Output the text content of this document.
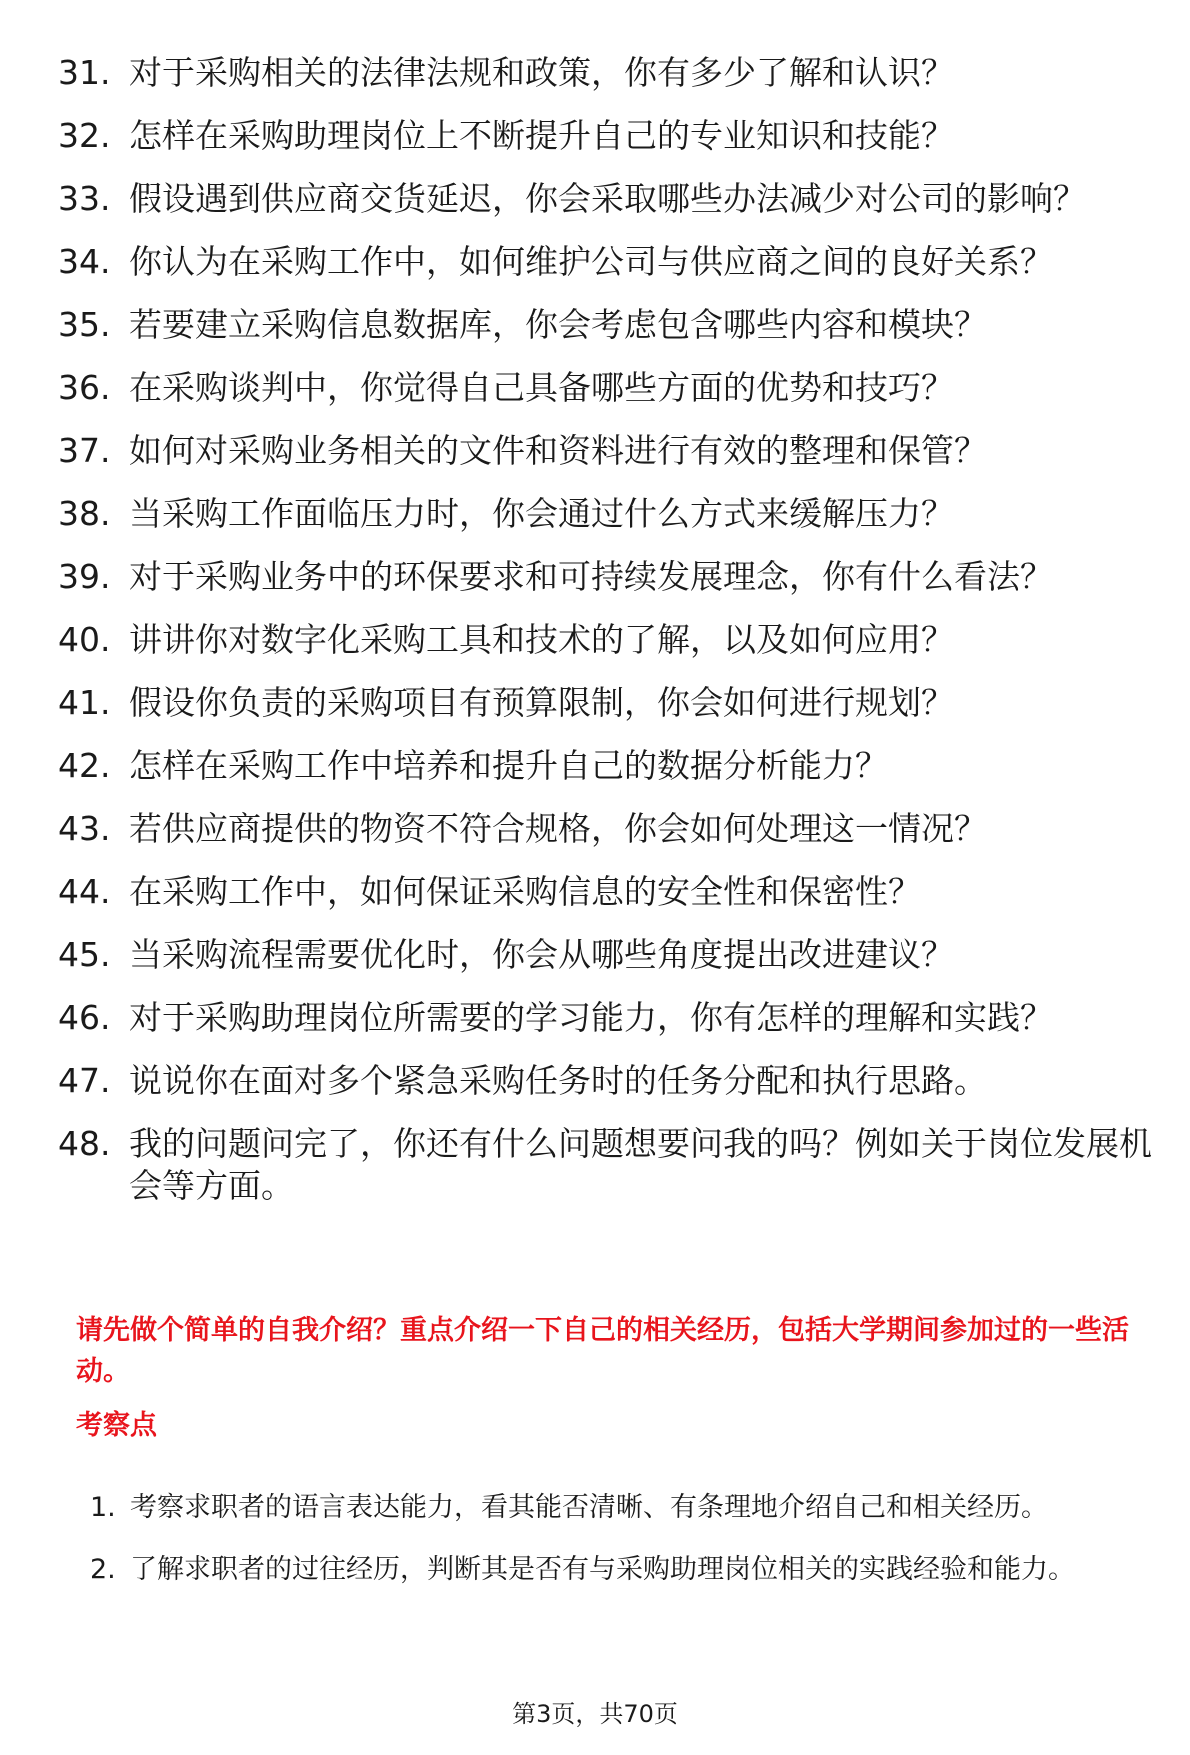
31. 对于采购相关的法律法规和政策，你有多少了解和认识？
32. 怎样在采购助理岗位上不断提升自己的专业知识和技能？
33. 假设遇到供应商交货延迟，你会采取哪些办法减少对公司的影响？
34. 你认为在采购工作中，如何维护公司与供应商之间的良好关系？
35. 若要建立采购信息数据库，你会考虑包含哪些内容和模块？
36. 在采购谈判中，你觉得自己具备哪些方面的优势和技巧？
37. 如何对采购业务相关的文件和资料进行有效的整理和保管？
38. 当采购工作面临压力时，你会通过什么方式来缓解压力？
39. 对于采购业务中的环保要求和可持续发展理念，你有什么看法？
40. 讲讲你对数字化采购工具和技术的了解，以及如何应用？
41. 假设你负责的采购项目有预算限制，你会如何进行规划？
42. 怎样在采购工作中培养和提升自己的数据分析能力？
43. 若供应商提供的物资不符合规格，你会如何处理这一情况？
44. 在采购工作中，如何保证采购信息的安全性和保密性？
45. 当采购流程需要优化时，你会从哪些角度提出改进建议？
46. 对于采购助理岗位所需要的学习能力，你有怎样的理解和实践？
47. 说说你在面对多个紧急采购任务时的任务分配和执行思路。
48. 我的问题问完了，你还有什么问题想要问我的吗？例如关于岗位发展机会等方面。

请先做个简单的自我介绍？重点介绍一下自己的相关经历，包括大学期间参加过的一些活动。

考察点

1. 考察求职者的语言表达能力，看其能否清晰、有条理地介绍自己和相关经历。
2. 了解求职者的过往经历，判断其是否有与采购助理岗位相关的实践经验和能力。
第3页，共70页
